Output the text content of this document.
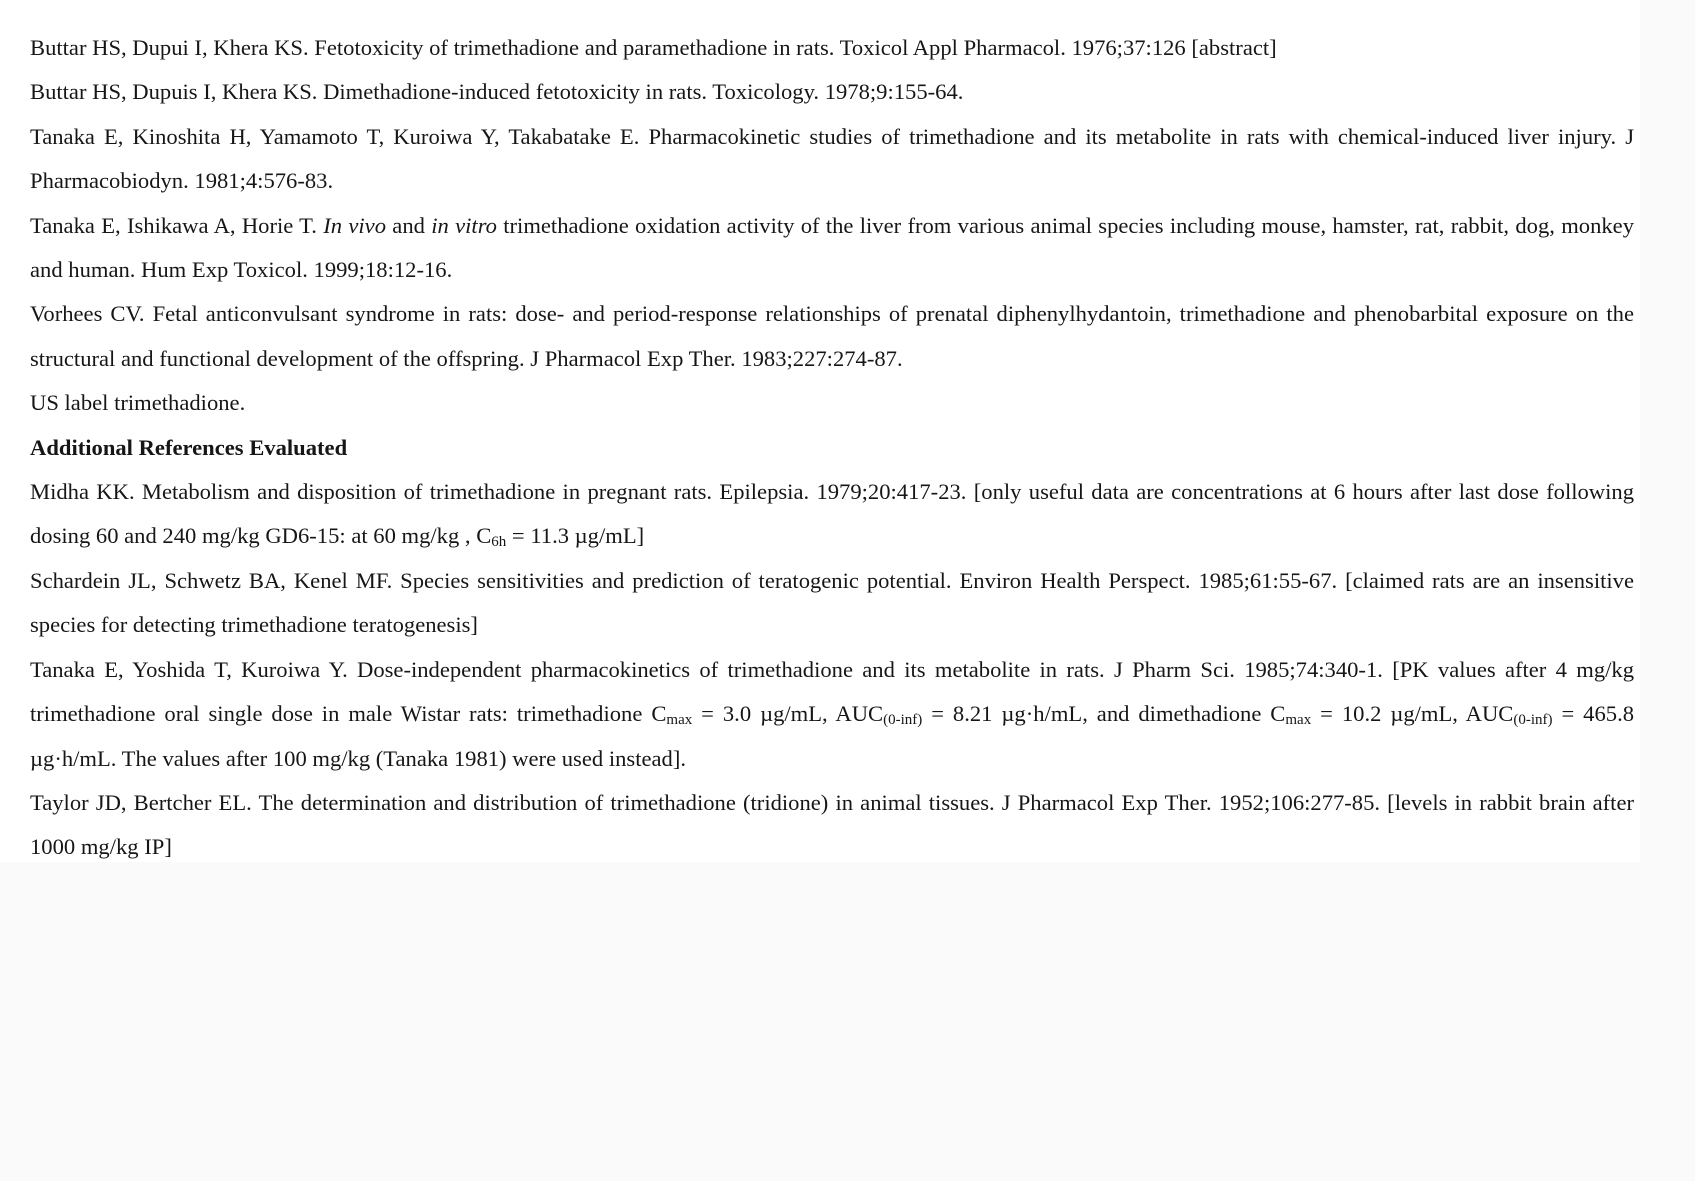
Buttar HS, Dupui I, Khera KS. Fetotoxicity of trimethadione and paramethadione in rats. Toxicol Appl Pharmacol. 1976;37:126 [abstract]

Buttar HS, Dupuis I, Khera KS. Dimethadione-induced fetotoxicity in rats. Toxicology. 1978;9:155-64.

Tanaka E, Kinoshita H, Yamamoto T, Kuroiwa Y, Takabatake E. Pharmacokinetic studies of trimethadione and its metabolite in rats with chemical-induced liver injury. J Pharmacobiodyn. 1981;4:576-83.

Tanaka E, Ishikawa A, Horie T. In vivo and in vitro trimethadione oxidation activity of the liver from various animal species including mouse, hamster, rat, rabbit, dog, monkey and human. Hum Exp Toxicol. 1999;18:12-16.

Vorhees CV. Fetal anticonvulsant syndrome in rats: dose- and period-response relationships of prenatal diphenylhydantoin, trimethadione and phenobarbital exposure on the structural and functional development of the offspring. J Pharmacol Exp Ther. 1983;227:274-87.

US label trimethadione.

Additional References Evaluated

Midha KK. Metabolism and disposition of trimethadione in pregnant rats. Epilepsia. 1979;20:417-23. [only useful data are concentrations at 6 hours after last dose following dosing 60 and 240 mg/kg GD6-15: at 60 mg/kg , $C_{6h} = 11.3$ µg/mL]

Schardein JL, Schwetz BA, Kenel MF. Species sensitivities and prediction of teratogenic potential. Environ Health Perspect. 1985;61:55-67. [claimed rats are an insensitive species for detecting trimethadione teratogenesis]

Tanaka E, Yoshida T, Kuroiwa Y. Dose-independent pharmacokinetics of trimethadione and its metabolite in rats. J Pharm Sci. 1985;74:340-1. [PK values after 4 mg/kg trimethadione oral single dose in male Wistar rats: trimethadione $C_{max} = 3.0$ µg/mL, $AUC_{(0-inf)} = 8.21$ µg·h/mL, and dimethadione $C_{max} = 10.2$ µg/mL, $AUC_{(0-inf)} = 465.8$ µg·h/mL. The values after 100 mg/kg (Tanaka 1981) were used instead].

Taylor JD, Bertcher EL. The determination and distribution of trimethadione (tridione) in animal tissues. J Pharmacol Exp Ther. 1952;106:277-85. [levels in rabbit brain after 1000 mg/kg IP]
